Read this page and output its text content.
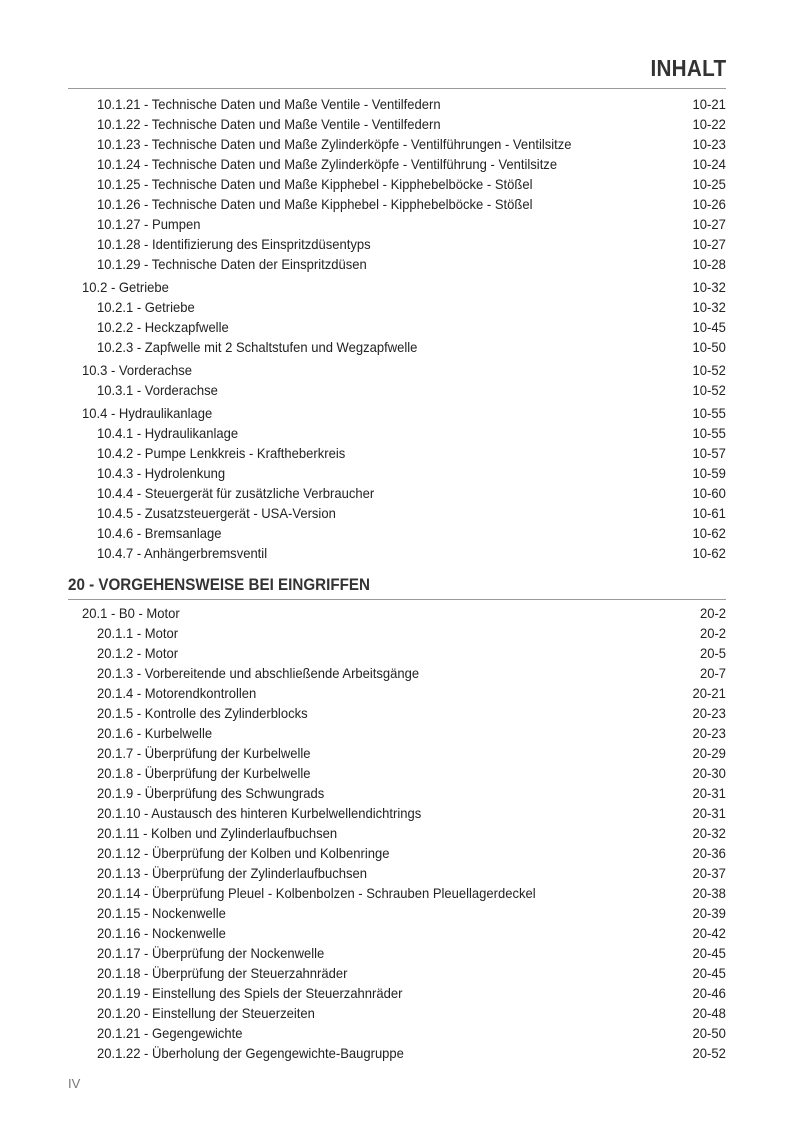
INHALT
10.1.21 - Technische Daten und Maße Ventile - Ventilfedern	10-21
10.1.22 - Technische Daten und Maße Ventile - Ventilfedern	10-22
10.1.23 - Technische Daten und Maße Zylinderköpfe - Ventilführungen - Ventilsitze	10-23
10.1.24 - Technische Daten und Maße Zylinderköpfe - Ventilführung - Ventilsitze	10-24
10.1.25 - Technische Daten und Maße Kipphebel - Kipphebelböcke - Stößel	10-25
10.1.26 - Technische Daten und Maße Kipphebel - Kipphebelböcke - Stößel	10-26
10.1.27 - Pumpen	10-27
10.1.28 - Identifizierung des Einspritzdüsentyps	10-27
10.1.29 - Technische Daten der Einspritzdüsen	10-28
10.2 - Getriebe	10-32
10.2.1 - Getriebe	10-32
10.2.2 - Heckzapfwelle	10-45
10.2.3 - Zapfwelle mit 2 Schaltstufen und Wegzapfwelle	10-50
10.3 - Vorderachse	10-52
10.3.1 - Vorderachse	10-52
10.4 - Hydraulikanlage	10-55
10.4.1 - Hydraulikanlage	10-55
10.4.2 - Pumpe Lenkkreis - Kraftheberkreis	10-57
10.4.3 - Hydrolenkung	10-59
10.4.4 - Steuergerät für zusätzliche Verbraucher	10-60
10.4.5 - Zusatzsteuergerät - USA-Version	10-61
10.4.6 - Bremsanlage	10-62
10.4.7 - Anhängerbremsventil	10-62
20 - VORGEHENSWEISE BEI EINGRIFFEN
20.1 - B0 - Motor	20-2
20.1.1 - Motor	20-2
20.1.2 - Motor	20-5
20.1.3 - Vorbereitende und abschließende Arbeitsgänge	20-7
20.1.4 - Motorendkontrollen	20-21
20.1.5 - Kontrolle des Zylinderblocks	20-23
20.1.6 - Kurbelwelle	20-23
20.1.7 - Überprüfung der Kurbelwelle	20-29
20.1.8 - Überprüfung der Kurbelwelle	20-30
20.1.9 - Überprüfung des Schwungrads	20-31
20.1.10 - Austausch des hinteren Kurbelwellendichtrings	20-31
20.1.11 - Kolben und Zylinderlaufbuchsen	20-32
20.1.12 - Überprüfung der Kolben und Kolbenringe	20-36
20.1.13 - Überprüfung der Zylinderlaufbuchsen	20-37
20.1.14 - Überprüfung Pleuel - Kolbenbolzen - Schrauben Pleuellagerdeckel	20-38
20.1.15 - Nockenwelle	20-39
20.1.16 - Nockenwelle	20-42
20.1.17 - Überprüfung der Nockenwelle	20-45
20.1.18 - Überprüfung der Steuerzahnräder	20-45
20.1.19 - Einstellung des Spiels der Steuerzahnräder	20-46
20.1.20 - Einstellung der Steuerzeiten	20-48
20.1.21 - Gegengewichte	20-50
20.1.22 - Überholung der Gegengewichte-Baugruppe	20-52
IV
